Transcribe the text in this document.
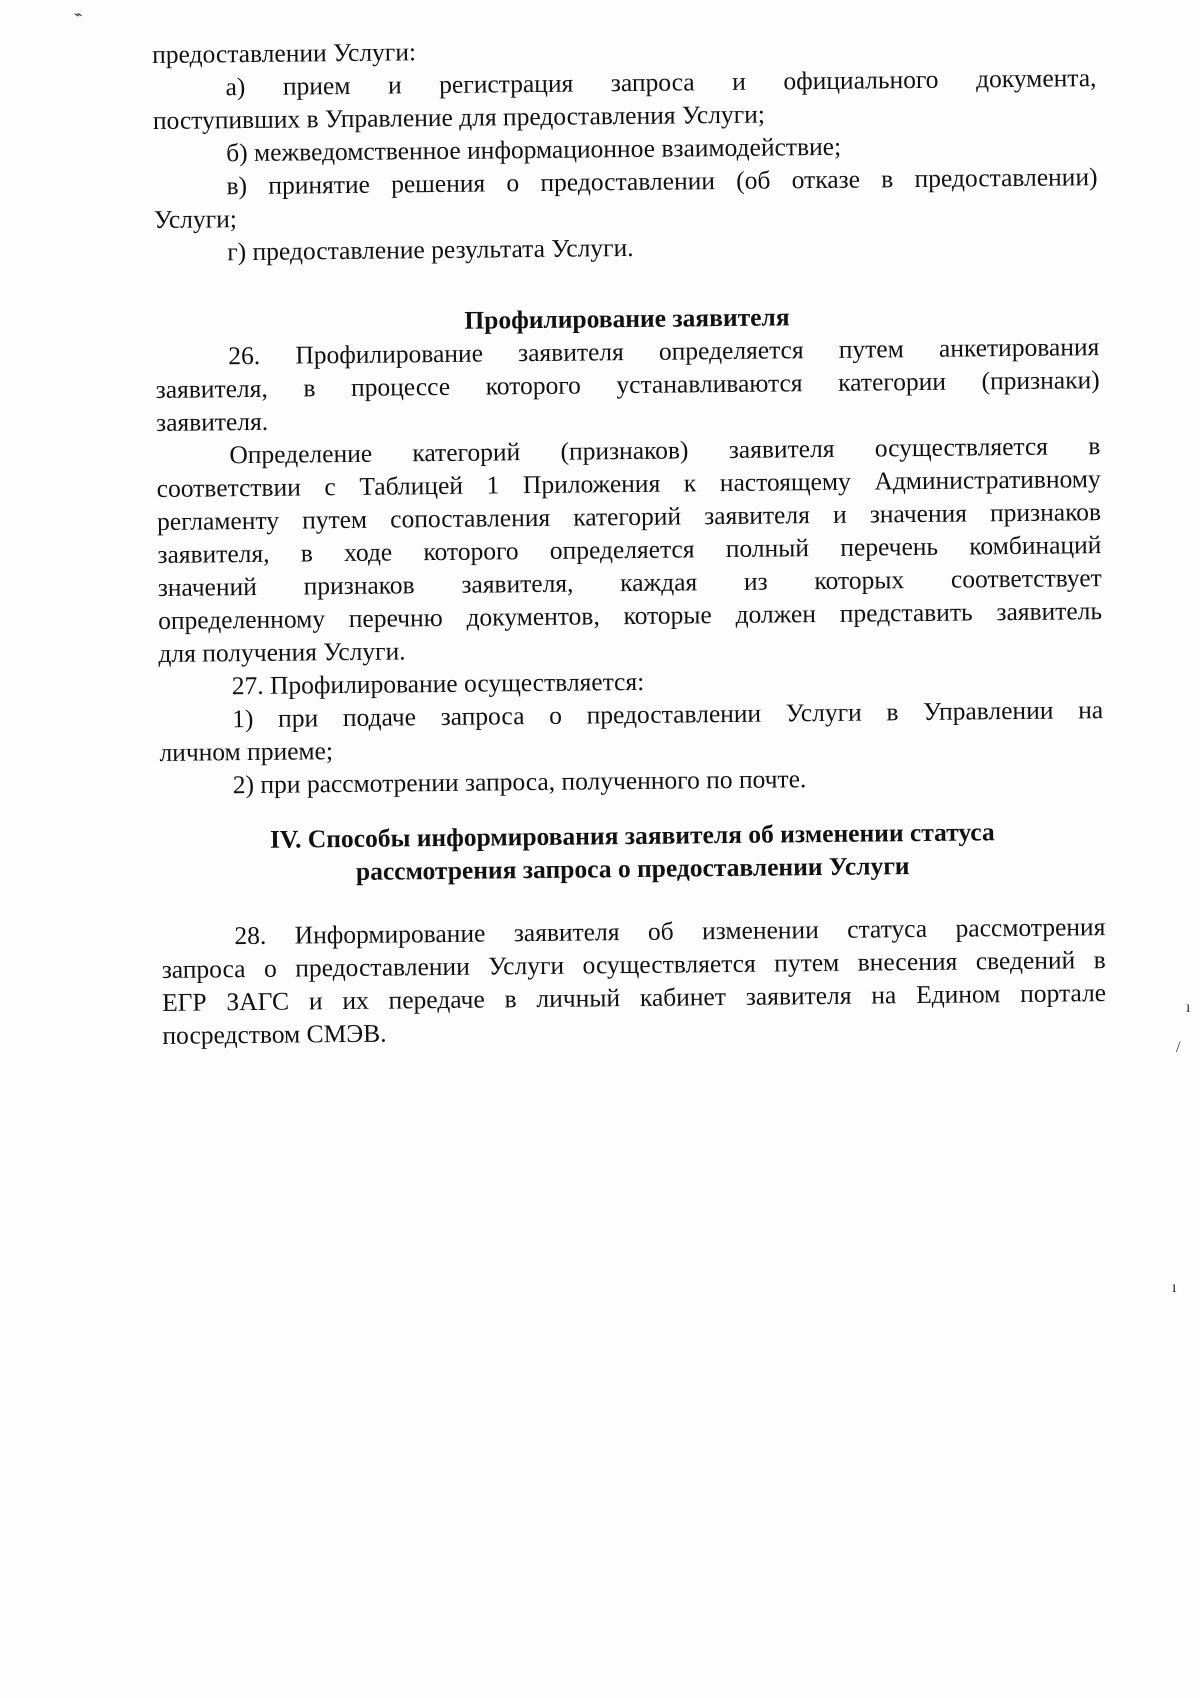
⌁
ı
/
ı
предоставлении Услуги:
а) прием и регистрация запроса и официального документа,
поступивших в Управление для предоставления Услуги;
б) межведомственное информационное взаимодействие;
в) принятие решения о предоставлении (об отказе в предоставлении)
Услуги;
г) предоставление результата Услуги.
Профилирование заявителя
26. Профилирование заявителя определяется путем анкетирования
заявителя, в процессе которого устанавливаются категории (признаки)
заявителя.
Определение категорий (признаков) заявителя осуществляется в
соответствии с Таблицей 1 Приложения к настоящему Административному
регламенту путем сопоставления категорий заявителя и значения признаков
заявителя, в ходе которого определяется полный перечень комбинаций
значений признаков заявителя, каждая из которых соответствует
определенному перечню документов, которые должен представить заявитель
для получения Услуги.
27. Профилирование осуществляется:
1) при подаче запроса о предоставлении Услуги в Управлении на
личном приеме;
2) при рассмотрении запроса, полученного по почте.
IV. Способы информирования заявителя об изменении статуса
рассмотрения запроса о предоставлении Услуги
28. Информирование заявителя об изменении статуса рассмотрения
запроса о предоставлении Услуги осуществляется путем внесения сведений в
ЕГР ЗАГС и их передаче в личный кабинет заявителя на Едином портале
посредством СМЭВ.
